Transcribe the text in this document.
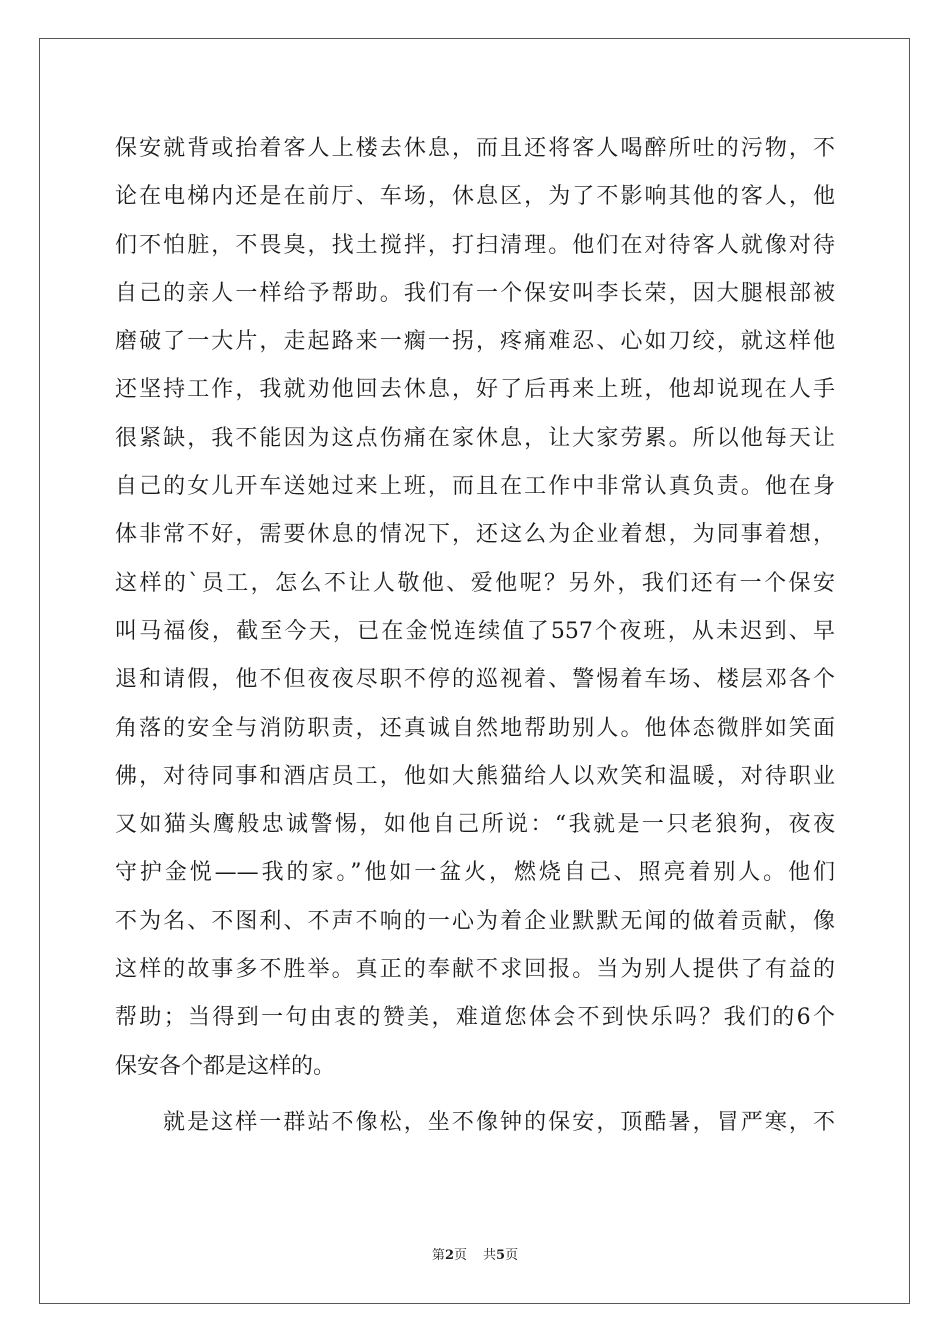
保安就背或抬着客人上楼去休息，而且还将客人喝醉所吐的污物，不
论在电梯内还是在前厅、车场，休息区，为了不影响其他的客人，他
们不怕脏，不畏臭，找土搅拌，打扫清理。他们在对待客人就像对待
自己的亲人一样给予帮助。我们有一个保安叫李长荣，因大腿根部被
磨破了一大片，走起路来一瘸一拐，疼痛难忍、心如刀绞，就这样他
还坚持工作，我就劝他回去休息，好了后再来上班，他却说现在人手
很紧缺，我不能因为这点伤痛在家休息，让大家劳累。所以他每天让
自己的女儿开车送她过来上班，而且在工作中非常认真负责。他在身
体非常不好，需要休息的情况下，还这么为企业着想，为同事着想，
这样的`员工，怎么不让人敬他、爱他呢？另外，我们还有一个保安
叫马福俊，截至今天，已在金悦连续值了557个夜班，从未迟到、早
退和请假，他不但夜夜尽职不停的巡视着、警惕着车场、楼层邓各个
角落的安全与消防职责，还真诚自然地帮助别人。他体态微胖如笑面
佛，对待同事和酒店员工，他如大熊猫给人以欢笑和温暖，对待职业
又如猫头鹰般忠诚警惕，如他自己所说：“我就是一只老狼狗，夜夜
守护金悦——我的家。”他如一盆火，燃烧自己、照亮着别人。他们
不为名、不图利、不声不响的一心为着企业默默无闻的做着贡献，像
这样的故事多不胜举。真正的奉献不求回报。当为别人提供了有益的
帮助；当得到一句由衷的赞美，难道您体会不到快乐吗？我们的6个
保安各个都是这样的。
就是这样一群站不像松，坐不像钟的保安，顶酷暑，冒严寒，不
第2页 共5页
